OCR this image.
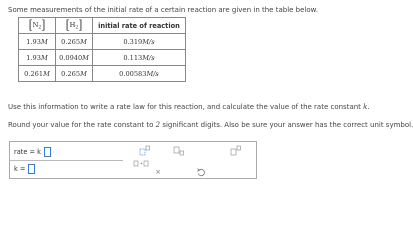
Some measurements of the initial rate of a certain reaction are given in the table below.
[ $N_2$ ]	[ $H_2$ ]	initial rate of reaction
1.93M	0.265M	0.319M/s
1.93M	0.0940M	0.113M/s
0.261M	0.265M	0.00583M/s
Use this information to write a rate law for this reaction, and calculate the value of the rate constant k.
Round your value for the rate constant to 2 significant digits. Also be sure your answer has the correct unit symbol.
rate = k
k =	×
